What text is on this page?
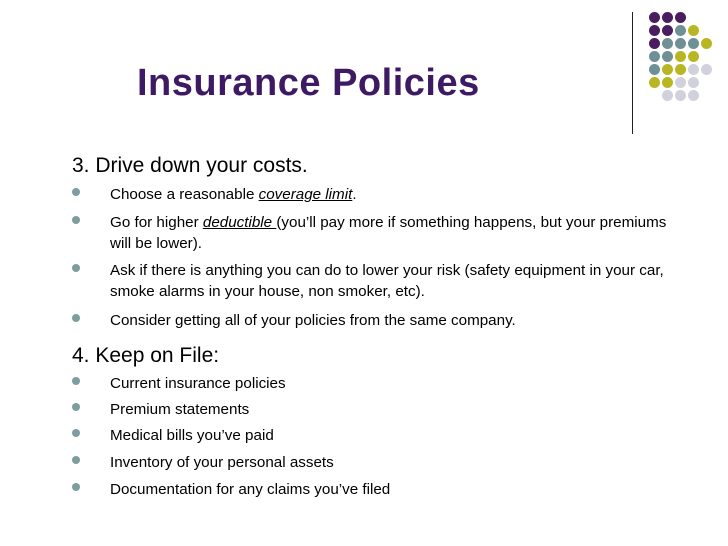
Insurance Policies
3. Drive down your costs.
Choose a reasonable coverage limit.
Go for higher deductible (you’ll pay more if something happens, but your premiums will be lower).
Ask if there is anything you can do to lower your risk (safety equipment in your car, smoke alarms in your house, non smoker, etc).
Consider getting all of your policies from the same company.
4. Keep on File:
Current insurance policies
Premium statements
Medical bills you’ve paid
Inventory of your personal assets
Documentation for any claims you’ve filed
